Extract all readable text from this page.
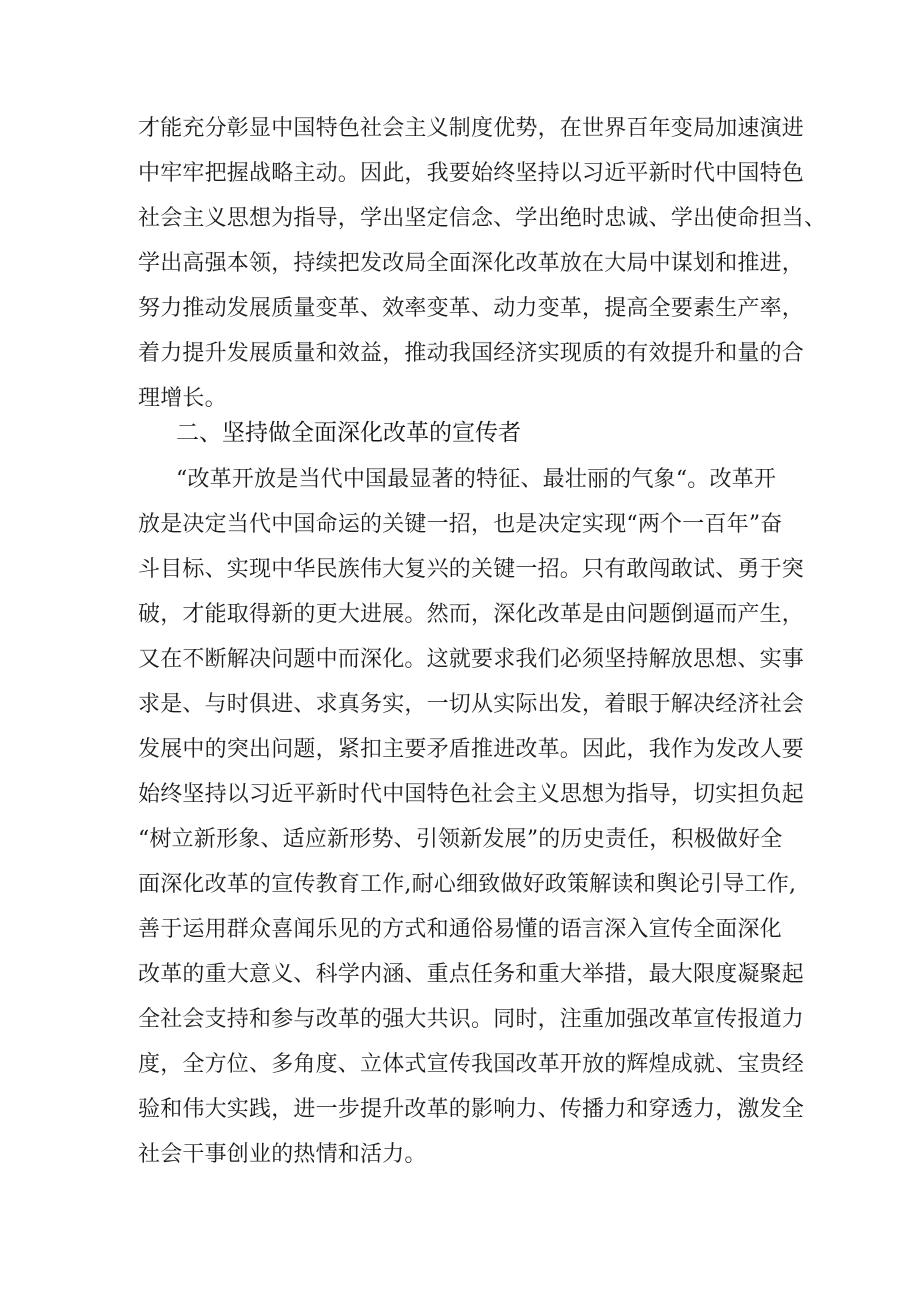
才能充分彰显中国特色社会主义制度优势，在世界百年变局加速演进
中牢牢把握战略主动。因此，我要始终坚持以习近平新时代中国特色
社会主义思想为指导，学出坚定信念、学出绝时忠诚、学出使命担当、
学出高强本领，持续把发改局全面深化改革放在大局中谋划和推进，
努力推动发展质量变革、效率变革、动力变革，提高全要素生产率，
着力提升发展质量和效益，推动我国经济实现质的有效提升和量的合
理增长。
二、坚持做全面深化改革的宣传者
“改革开放是当代中国最显著的特征、最壮丽的气象“。改革开
放是决定当代中国命运的关键一招，也是决定实现“两个一百年”奋
斗目标、实现中华民族伟大复兴的关键一招。只有敢闯敢试、勇于突
破，才能取得新的更大进展。然而，深化改革是由问题倒逼而产生，
又在不断解决问题中而深化。这就要求我们必须坚持解放思想、实事
求是、与时俱进、求真务实，一切从实际出发，着眼于解决经济社会
发展中的突出问题，紧扣主要矛盾推进改革。因此，我作为发改人要
始终坚持以习近平新时代中国特色社会主义思想为指导，切实担负起
“树立新形象、适应新形势、引领新发展”的历史责任，积极做好全
面深化改革的宣传教育工作,耐心细致做好政策解读和舆论引导工作,
善于运用群众喜闻乐见的方式和通俗易懂的语言深入宣传全面深化
改革的重大意义、科学内涵、重点任务和重大举措，最大限度凝聚起
全社会支持和参与改革的强大共识。同时，注重加强改革宣传报道力
度，全方位、多角度、立体式宣传我国改革开放的辉煌成就、宝贵经
验和伟大实践，进一步提升改革的影响力、传播力和穿透力，激发全
社会干事创业的热情和活力。
